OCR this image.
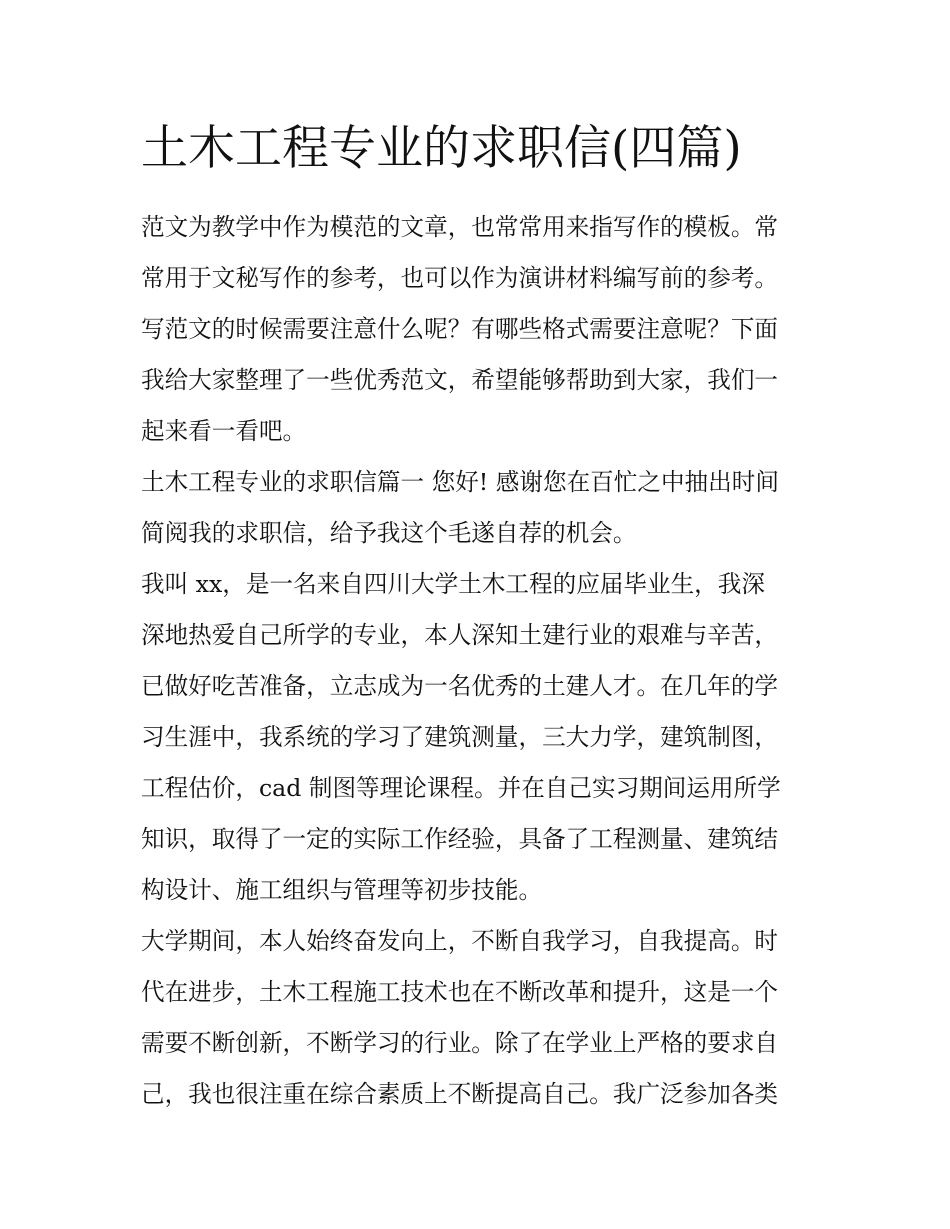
土木工程专业的求职信(四篇)
范文为教学中作为模范的文章，也常常用来指写作的模板。常
常用于文秘写作的参考，也可以作为演讲材料编写前的参考。
写范文的时候需要注意什么呢？有哪些格式需要注意呢？下面
我给大家整理了一些优秀范文，希望能够帮助到大家，我们一
起来看一看吧。
土木工程专业的求职信篇一 您好! 感谢您在百忙之中抽出时间
简阅我的求职信，给予我这个毛遂自荐的机会。
我叫 xx，是一名来自四川大学土木工程的应届毕业生，我深
深地热爱自己所学的专业，本人深知土建行业的艰难与辛苦，
已做好吃苦准备，立志成为一名优秀的土建人才。在几年的学
习生涯中，我系统的学习了建筑测量，三大力学，建筑制图，
工程估价，cad 制图等理论课程。并在自己实习期间运用所学
知识，取得了一定的实际工作经验，具备了工程测量、建筑结
构设计、施工组织与管理等初步技能。
大学期间，本人始终奋发向上，不断自我学习，自我提高。时
代在进步，土木工程施工技术也在不断改革和提升，这是一个
需要不断创新，不断学习的行业。除了在学业上严格的要求自
己，我也很注重在综合素质上不断提高自己。我广泛参加各类
